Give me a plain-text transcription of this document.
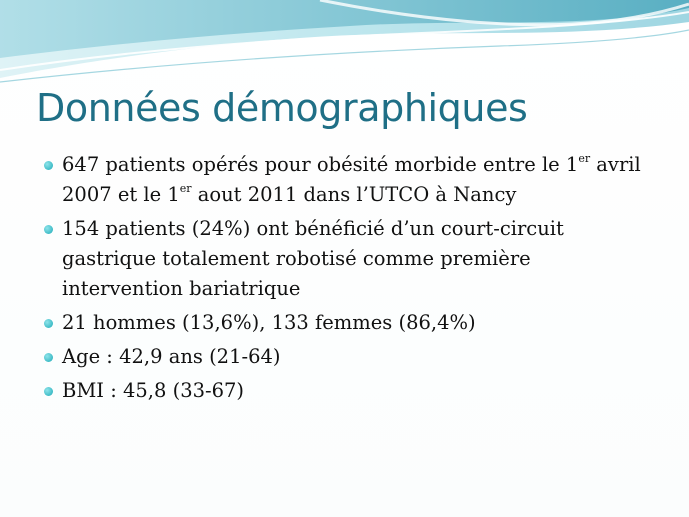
Données démographiques
647 patients opérés pour obésité morbide entre le 1er avril 2007 et le 1er aout 2011 dans l’UTCO à Nancy
154 patients (24%) ont bénéficié d’un court-circuit gastrique totalement robotisé comme première intervention bariatrique
21 hommes (13,6%), 133 femmes (86,4%)
Age : 42,9 ans (21-64)
BMI : 45,8 (33-67)
